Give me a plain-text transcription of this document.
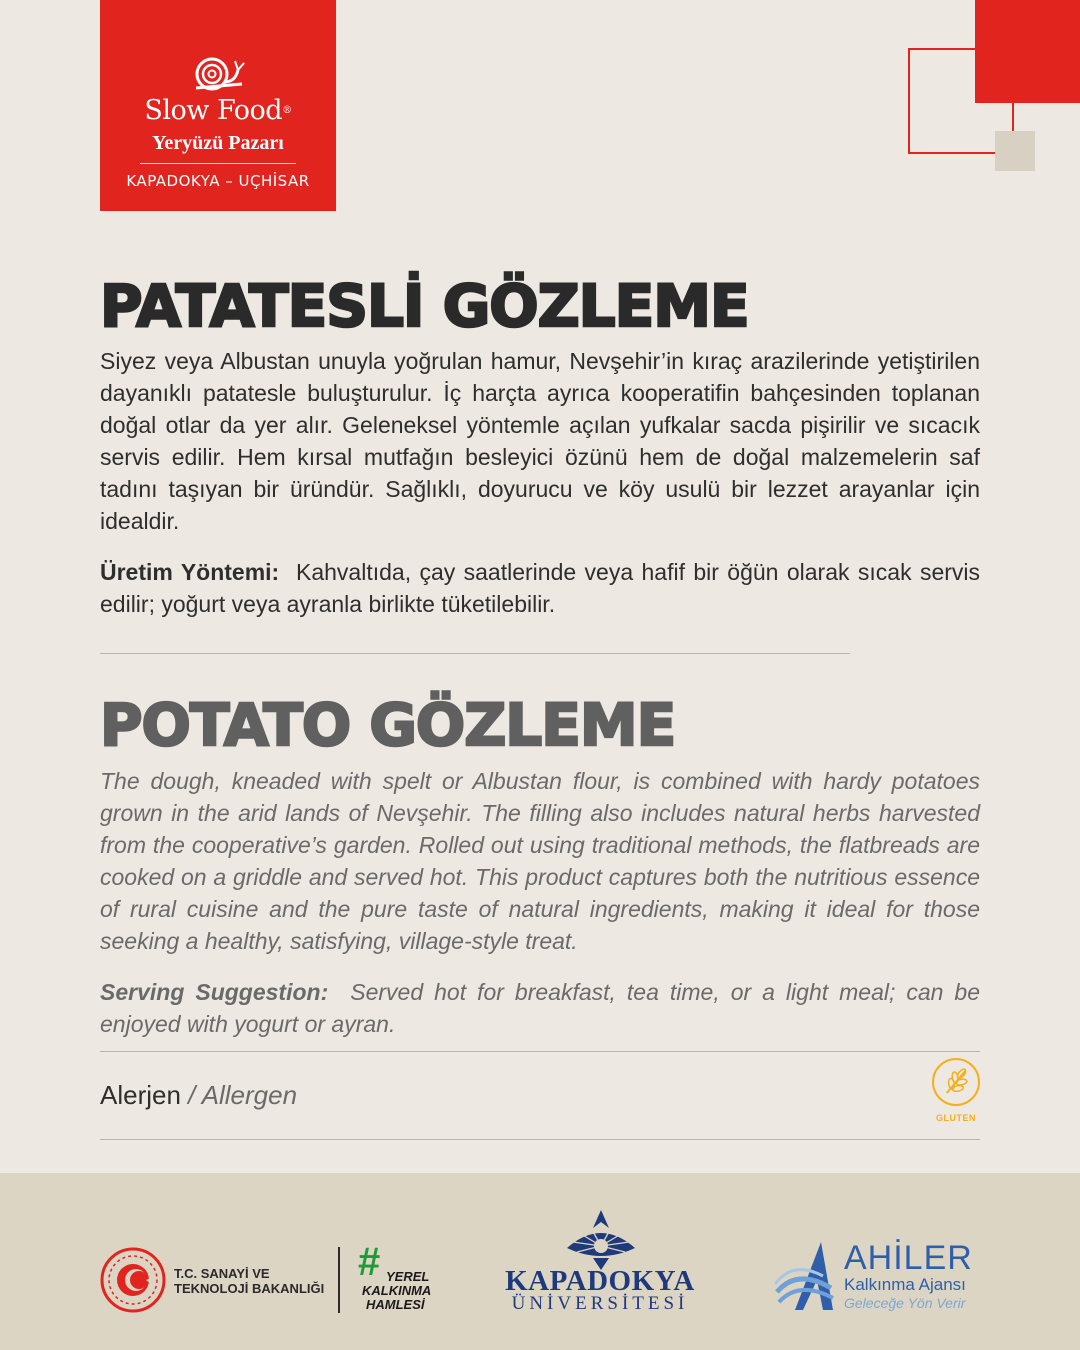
Slow Food®
Yeryüzü Pazarı
KAPADOKYA – UÇHİSAR
PATATESLİ GÖZLEME

Siyez veya Albustan unuyla yoğrulan hamur, Nevşehir’in kıraç arazilerinde yetiştirilen dayanıklı patatesle buluşturulur. İç harçta ayrıca kooperatifin bahçesinden toplanan doğal otlar da yer alır. Geleneksel yöntemle açılan yufkalar sacda pişirilir ve sıcacık servis edilir. Hem kırsal mutfağın besleyici özünü hem de doğal malzemelerin saf tadını taşıyan bir üründür. Sağlıklı, doyurucu ve köy usulü bir lezzet arayanlar için idealdir.

Üretim Yöntemi: Kahvaltıda, çay saatlerinde veya hafif bir öğün olarak sıcak servis edilir; yoğurt veya ayranla birlikte tüketilebilir.

POTATO GÖZLEME

The dough, kneaded with spelt or Albustan flour, is combined with hardy potatoes grown in the arid lands of Nevşehir. The filling also includes natural herbs harvested from the cooperative’s garden. Rolled out using traditional methods, the flatbreads are cooked on a griddle and served hot. This product captures both the nutritious essence of rural cuisine and the pure taste of natural ingredients, making it ideal for those seeking a healthy, satisfying, village-style treat.

Serving Suggestion: Served hot for breakfast, tea time, or a light meal; can be enjoyed with yogurt or ayran.

Alerjen / Allergen
GLUTEN
T.C. SANAYİ VE
TEKNOLOJİ BAKANLIĞI
# YEREL
KALKINMA
HAMLESİ
KAPADOKYA
ÜNİVERSİTESİ
AHİLER
Kalkınma Ajansı
Geleceğe Yön Verir
